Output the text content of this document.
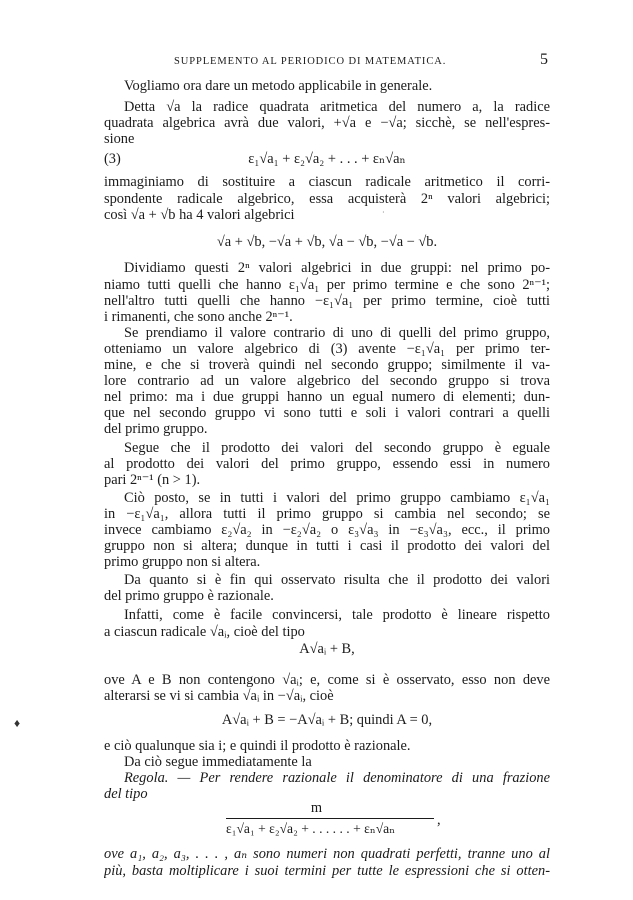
SUPPLEMENTO AL PERIODICO DI MATEMATICA.	5
Vogliamo ora dare un metodo applicabile in generale.
Detta √a la radice quadrata aritmetica del numero a, la radice
quadrata algebrica avrà due valori, +√a e −√a; sicchè, se nell'espres-
sione
(3)	ε₁√a₁ + ε₂√a₂ + . . . + εₙ√aₙ
immaginiamo di sostituire a ciascun radicale aritmetico il corri-
spondente radicale algebrico, essa acquisterà 2ⁿ valori algebrici;
così √a + √b ha 4 valori algebrici	·
√a + √b, −√a + √b, √a − √b, −√a − √b.
Dividiamo questi 2ⁿ valori algebrici in due gruppi: nel primo po-
niamo tutti quelli che hanno ε₁√a₁ per primo termine e che sono 2ⁿ⁻¹;
nell'altro tutti quelli che hanno −ε₁√a₁ per primo termine, cioè tutti
i rimanenti, che sono anche 2ⁿ⁻¹.
Se prendiamo il valore contrario di uno di quelli del primo gruppo,
otteniamo un valore algebrico di (3) avente −ε₁√a₁ per primo ter-
mine, e che si troverà quindi nel secondo gruppo; similmente il va-
lore contrario ad un valore algebrico del secondo gruppo si trova
nel primo: ma i due gruppi hanno un egual numero di elementi; dun-
que nel secondo gruppo vi sono tutti e soli i valori contrari a quelli
del primo gruppo.
Segue che il prodotto dei valori del secondo gruppo è eguale
al prodotto dei valori del primo gruppo, essendo essi in numero
pari 2ⁿ⁻¹ (n > 1).
Ciò posto, se in tutti i valori del primo gruppo cambiamo ε₁√a₁
in −ε₁√a₁, allora tutti il primo gruppo si cambia nel secondo; se
invece cambiamo ε₂√a₂ in −ε₂√a₂ o ε₃√a₃ in −ε₃√a₃, ecc., il primo
gruppo non si altera; dunque in tutti i casi il prodotto dei valori del
primo gruppo non si altera.
Da quanto si è fin qui osservato risulta che il prodotto dei valori
del primo gruppo è razionale.
Infatti, come è facile convincersi, tale prodotto è lineare rispetto
a ciascun radicale √aᵢ, cioè del tipo
A√aᵢ + B,
ove A e B non contengono √aᵢ; e, come si è osservato, esso non deve
alterarsi se vi si cambia √aᵢ in −√aᵢ, cioè
A√aᵢ + B = −A√aᵢ + B; quindi A = 0,
e ciò qualunque sia i; e quindi il prodotto è razionale.
Da ciò segue immediatamente la
Regola. — Per rendere razionale il denominatore di una frazione
del tipo
♦
ove a₁, a₂, a₃, . . . , aₙ sono numeri non quadrati perfetti, tranne uno al
più, basta moltiplicare i suoi termini per tutte le espressioni che si otten-
m
ε₁√a₁ + ε₂√a₂ + . . . . . . + εₙ√aₙ
,
